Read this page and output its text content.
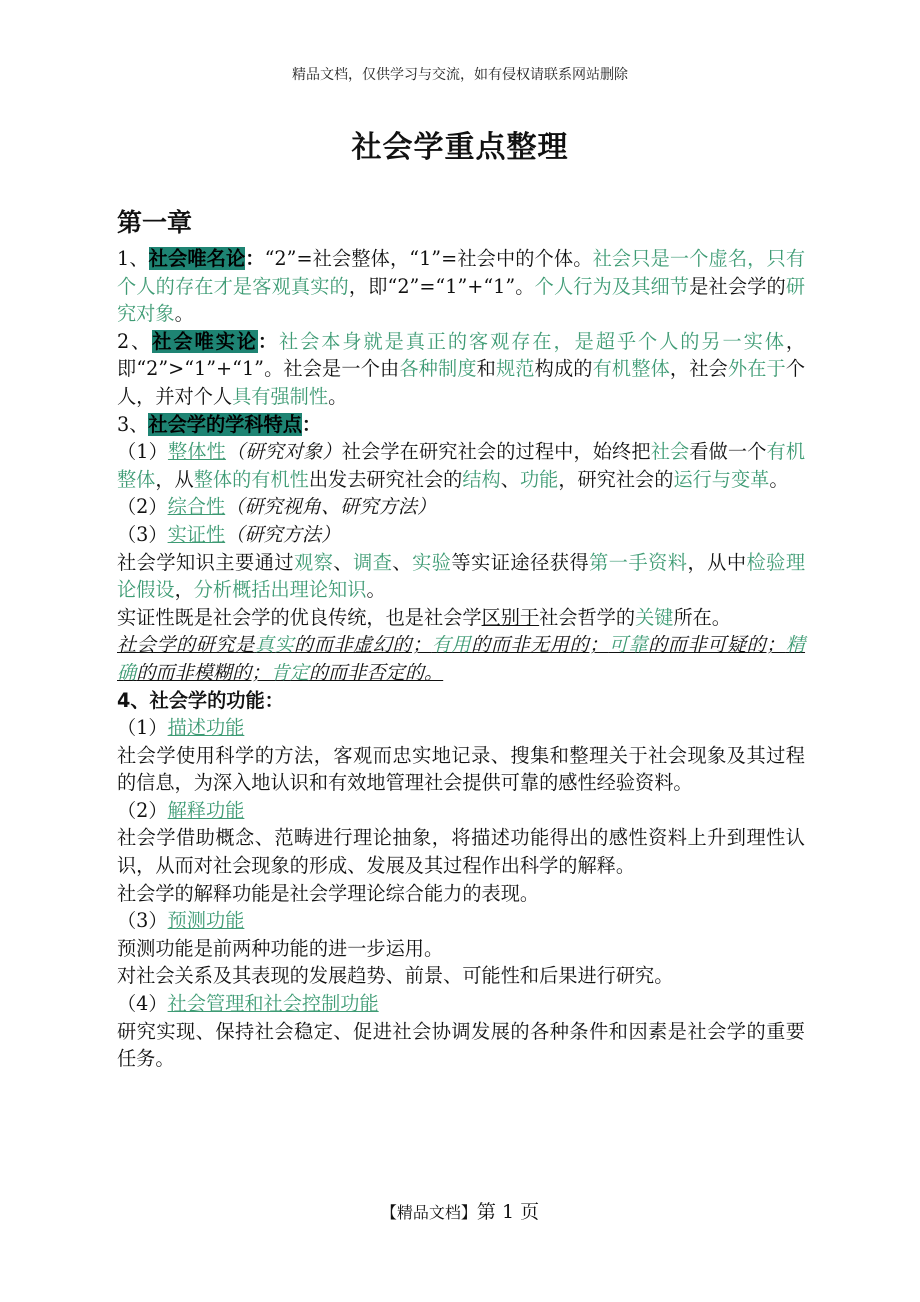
精品文档，仅供学习与交流，如有侵权请联系网站删除
社会学重点整理
第一章

1、社会唯名论：“2”=社会整体，“1”=社会中的个体。社会只是一个虚名，只有个人的存在才是客观真实的，即“2”=“1”+“1”。个人行为及其细节是社会学的研究对象。

2、社会唯实论：社会本身就是真正的客观存在，是超乎个人的另一实体，即“2”>“1”+“1”。社会是一个由各种制度和规范构成的有机整体，社会外在于个人，并对个人具有强制性。

3、社会学的学科特点：

（1）整体性（研究对象）社会学在研究社会的过程中，始终把社会看做一个有机整体，从整体的有机性出发去研究社会的结构、功能，研究社会的运行与变革。

（2）综合性（研究视角、研究方法）

（3）实证性（研究方法）

社会学知识主要通过观察、调查、实验等实证途径获得第一手资料，从中检验理论假设，分析概括出理论知识。

实证性既是社会学的优良传统，也是社会学区别于社会哲学的关键所在。

社会学的研究是真实的而非虚幻的；有用的而非无用的；可靠的而非可疑的；精确的而非模糊的；肯定的而非否定的。

4、社会学的功能：

（1）描述功能

社会学使用科学的方法，客观而忠实地记录、搜集和整理关于社会现象及其过程的信息，为深入地认识和有效地管理社会提供可靠的感性经验资料。

（2）解释功能

社会学借助概念、范畴进行理论抽象，将描述功能得出的感性资料上升到理性认识，从而对社会现象的形成、发展及其过程作出科学的解释。

社会学的解释功能是社会学理论综合能力的表现。

（3）预测功能

预测功能是前两种功能的进一步运用。

对社会关系及其表现的发展趋势、前景、可能性和后果进行研究。

（4）社会管理和社会控制功能

研究实现、保持社会稳定、促进社会协调发展的各种条件和因素是社会学的重要任务。

【精品文档】第 1 页
